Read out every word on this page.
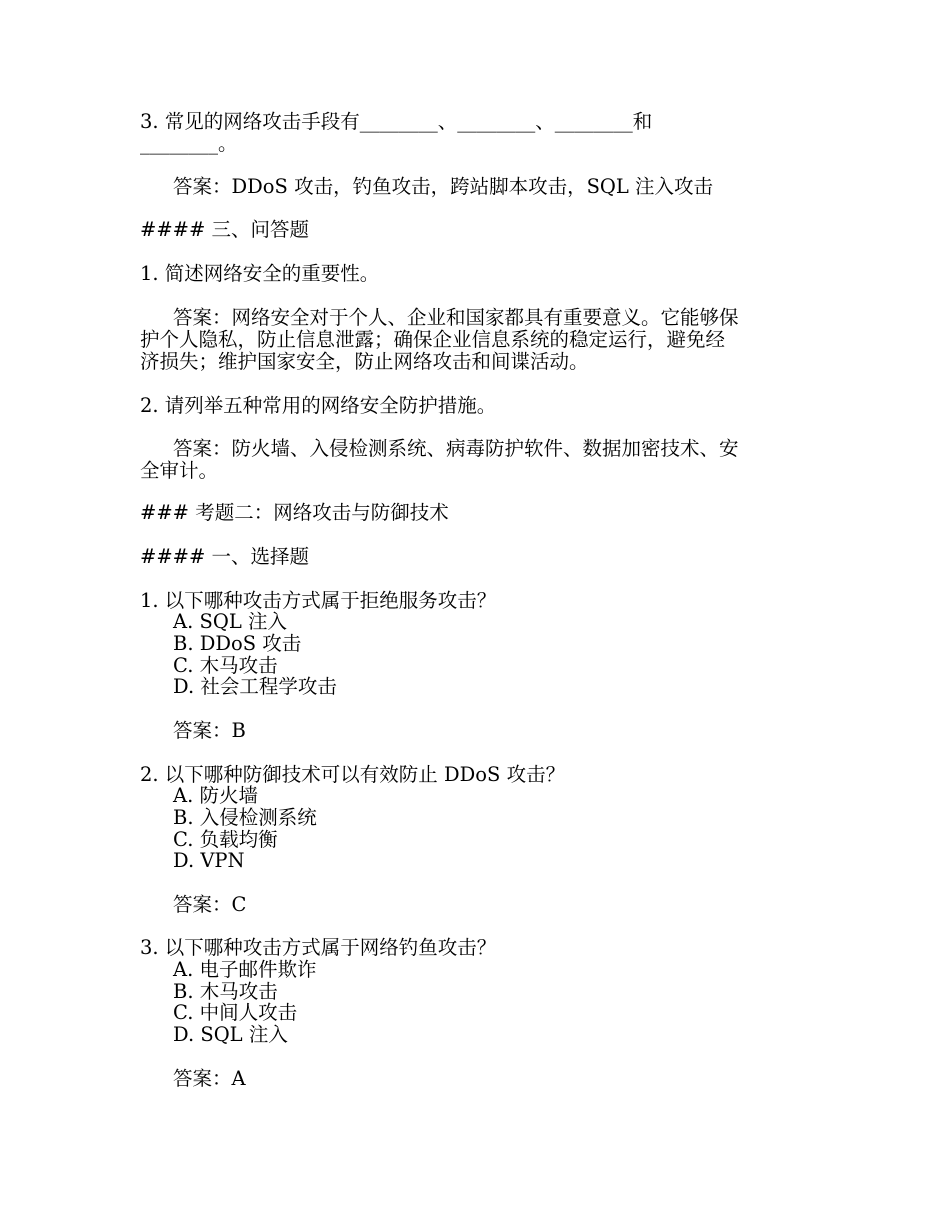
3. 常见的网络攻击手段有________、________、________和
________。
答案：DDoS 攻击，钓鱼攻击，跨站脚本攻击，SQL 注入攻击
#### 三、问答题
1. 简述网络安全的重要性。
答案：网络安全对于个人、企业和国家都具有重要意义。它能够保
护个人隐私，防止信息泄露；确保企业信息系统的稳定运行，避免经
济损失；维护国家安全，防止网络攻击和间谍活动。
2. 请列举五种常用的网络安全防护措施。
答案：防火墙、入侵检测系统、病毒防护软件、数据加密技术、安
全审计。
### 考题二：网络攻击与防御技术
#### 一、选择题
1. 以下哪种攻击方式属于拒绝服务攻击？
A. SQL 注入
B. DDoS 攻击
C. 木马攻击
D. 社会工程学攻击
答案：B
2. 以下哪种防御技术可以有效防止 DDoS 攻击？
A. 防火墙
B. 入侵检测系统
C. 负载均衡
D. VPN
答案：C
3. 以下哪种攻击方式属于网络钓鱼攻击？
A. 电子邮件欺诈
B. 木马攻击
C. 中间人攻击
D. SQL 注入
答案：A
